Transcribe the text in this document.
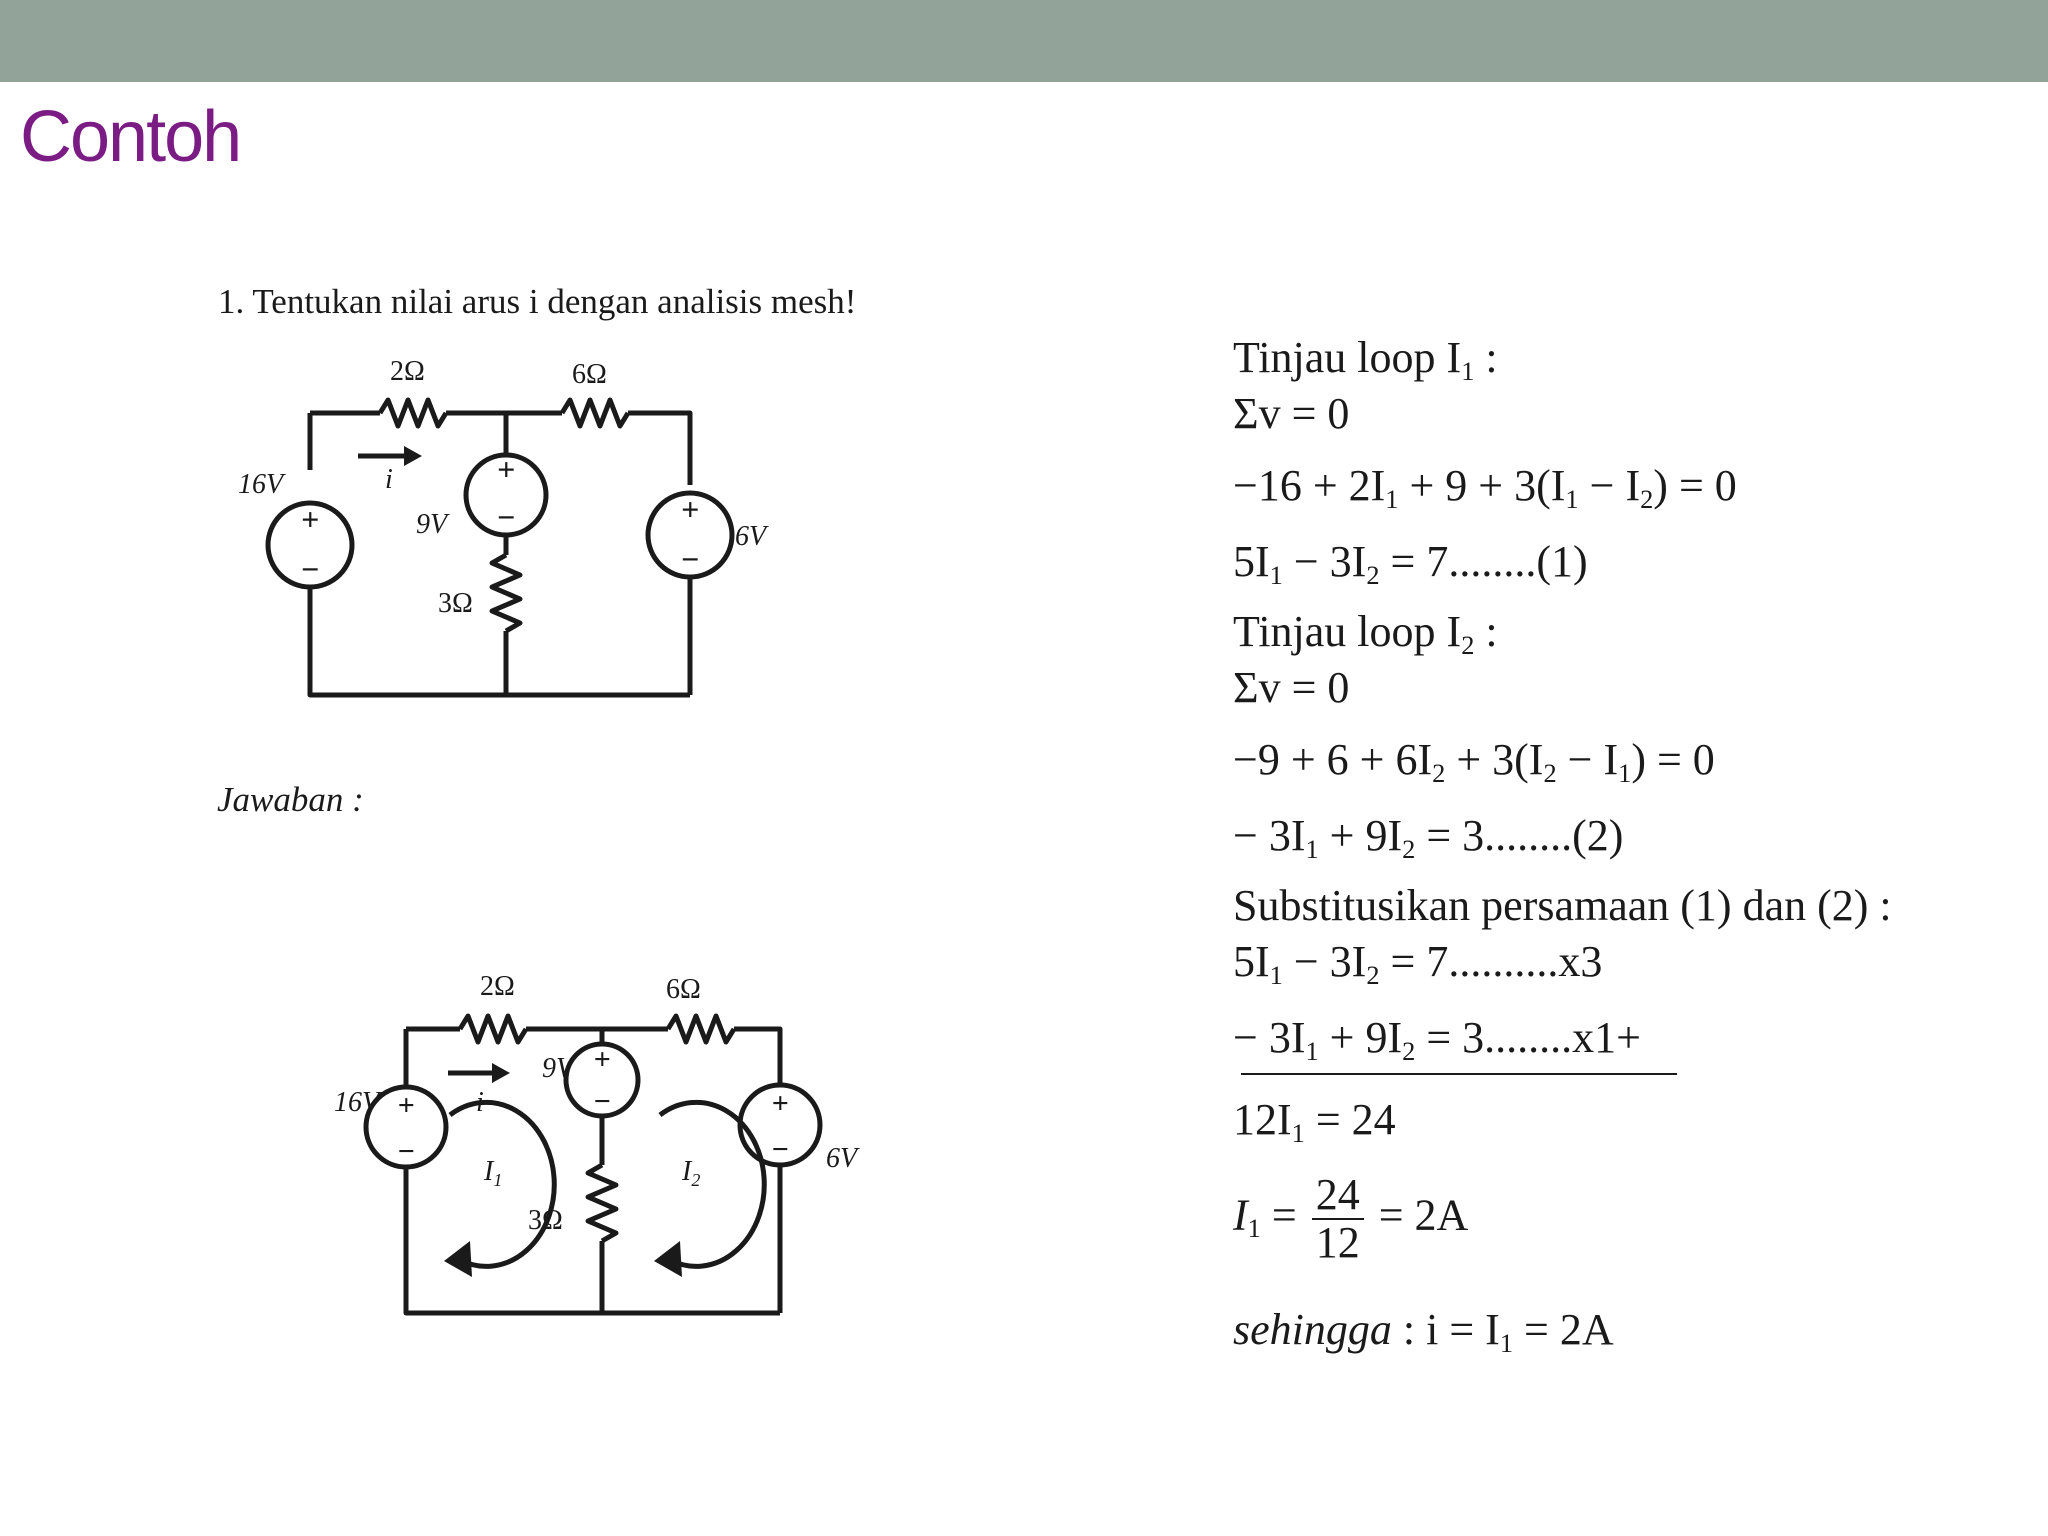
Contoh
1. Tentukan nilai arus i dengan analisis mesh!
+
−
+
−	+
−
2Ω	6Ω
3Ω
16V
9V	6V
i
Jawaban :
+
−
+
−	+
−
2Ω	6Ω
3Ω
16V
9V
6V
i
$I_1$	$I_2$
Tinjau loop $I_1$ :
Σv = 0
$-16 + 2I_1 + 9 + 3(I_1 - I_2) = 0$
$5I_1 - 3I_2 = 7........(1)$
Tinjau loop $I_2$ :
Σv = 0
$-9 + 6 + 6I_2 + 3(I_2 - I_1) = 0$
− $3I_1 + 9I_2 = 3........(2)$
Substitusikan persamaan (1) dan (2) :
$5I_1 - 3I_2 = 7..........x3$
− $3I_1 + 9I_2 = 3........x1+$
$12I_1 = 24$
$I_1 = \frac{24}{12} = 2A$
sehingga : $i = I_1 = 2A$
